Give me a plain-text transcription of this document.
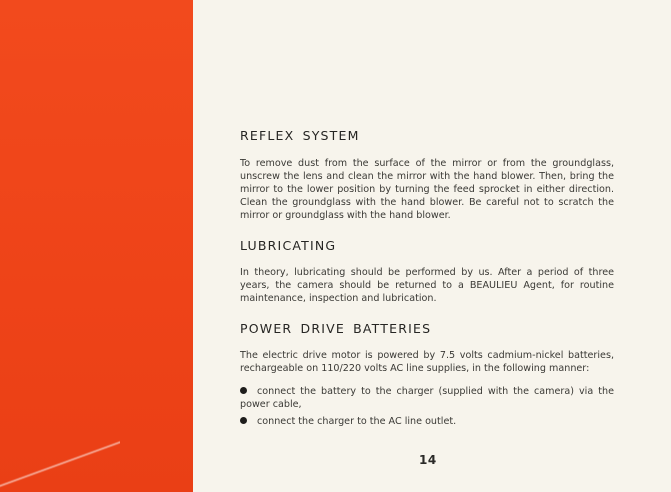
REFLEX SYSTEM

To remove dust from the surface of the mirror or from the groundglass, unscrew the lens and clean the mirror with the hand blower. Then, bring the mirror to the lower position by turning the feed sprocket in either direction. Clean the groundglass with the hand blower. Be careful not to scratch the mirror or groundglass with the hand blower.

LUBRICATING

In theory, lubricating should be performed by us. After a period of three years, the camera should be returned to a BEAULIEU Agent, for routine maintenance, inspection and lubrication.

POWER DRIVE BATTERIES

The electric drive motor is powered by 7.5 volts cadmium-nickel batteries, rechargeable on 110/220 volts AC line supplies, in the following manner:

connect the battery to the charger (supplied with the camera) via the power cable,
connect the charger to the AC line outlet.
14
